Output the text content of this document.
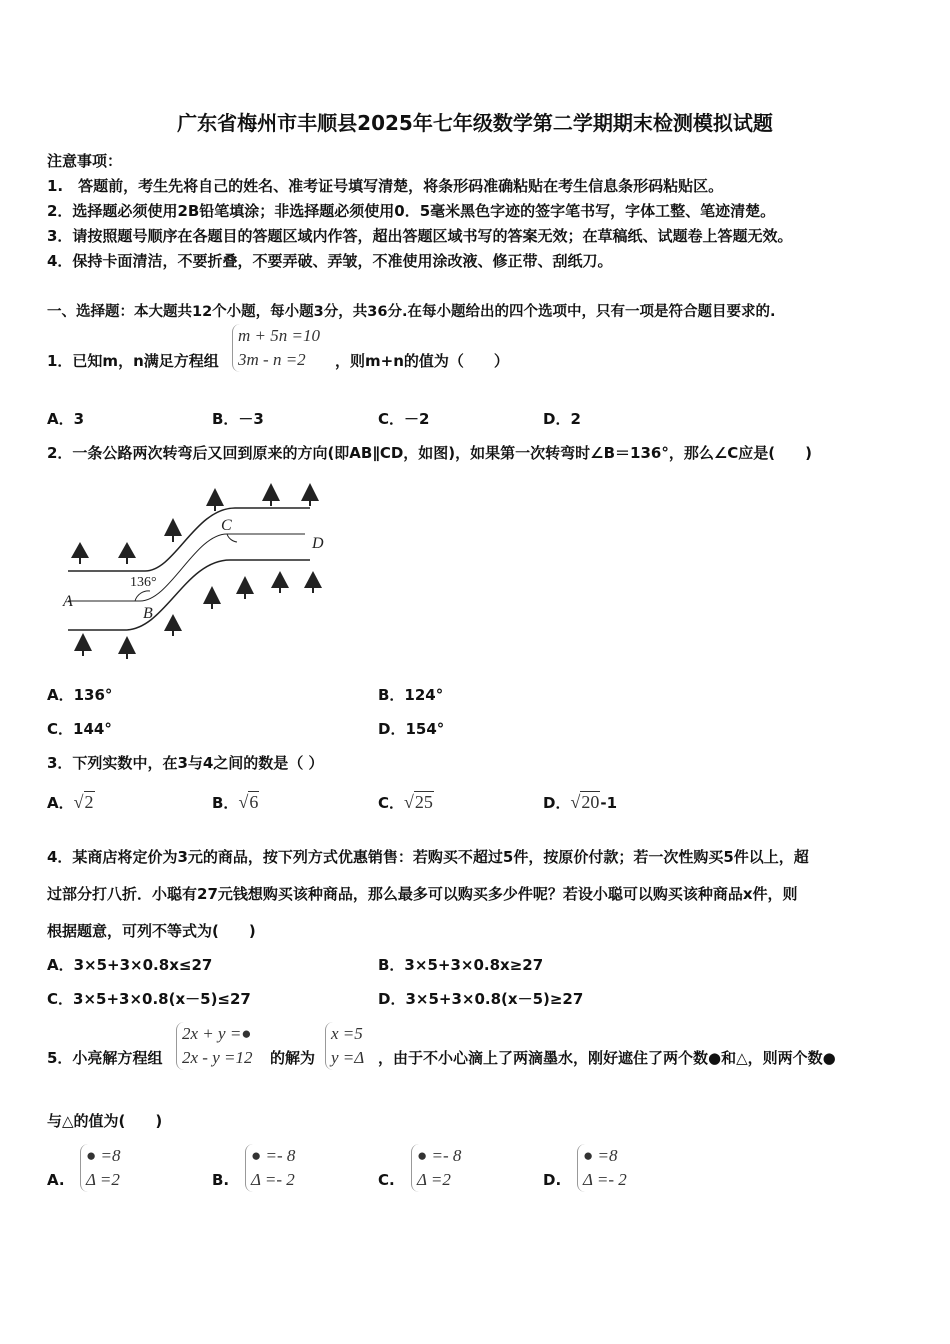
广东省梅州市丰顺县2025年七年级数学第二学期期末检测模拟试题
注意事项：
1.　答题前，考生先将自己的姓名、准考证号填写清楚，将条形码准确粘贴在考生信息条形码粘贴区。
2．选择题必须使用2B铅笔填涂；非选择题必须使用0．5毫米黑色字迹的签字笔书写，字体工整、笔迹清楚。
3．请按照题号顺序在各题目的答题区域内作答，超出答题区域书写的答案无效；在草稿纸、试题卷上答题无效。
4．保持卡面清洁，不要折叠，不要弄破、弄皱，不准使用涂改液、修正带、刮纸刀。
一、选择题：本大题共12个小题，每小题3分，共36分.在每小题给出的四个选项中，只有一项是符合题目要求的.
1．已知m，n满足方程组
m + 5n =10
3m - n =2	，则m+n的值为（　　）
A．3	B．－3	C．－2	D．2
2．一条公路两次转弯后又回到原来的方向(即AB∥CD，如图)，如果第一次转弯时∠B＝136°，那么∠C应是(　　)
A
B
C
D
136°
A．136°	B．124°
C．144°	D．154°
3．下列实数中，在3与4之间的数是（ ）
A．√2	B．√6	C．√25	D．√20-1
4．某商店将定价为3元的商品，按下列方式优惠销售：若购买不超过5件，按原价付款；若一次性购买5件以上，超
过部分打八折．小聪有27元钱想购买该种商品，那么最多可以购买多少件呢？若设小聪可以购买该种商品x件，则
根据题意，可列不等式为(　　)
A．3×5+3×0.8x≤27	B．3×5+3×0.8x≥27
C．3×5+3×0.8(x－5)≤27	D．3×5+3×0.8(x－5)≥27
5．小亮解方程组
2x + y =●
2x - y =12 的解为
x =5
y =Δ ，由于不小心滴上了两滴墨水，刚好遮住了两个数●和△，则两个数●
与△的值为(　　)
A.
● =8
Δ =2	B.
● =- 8
Δ =- 2	C.
● =- 8
Δ =2	D.
● =8
Δ =- 2
